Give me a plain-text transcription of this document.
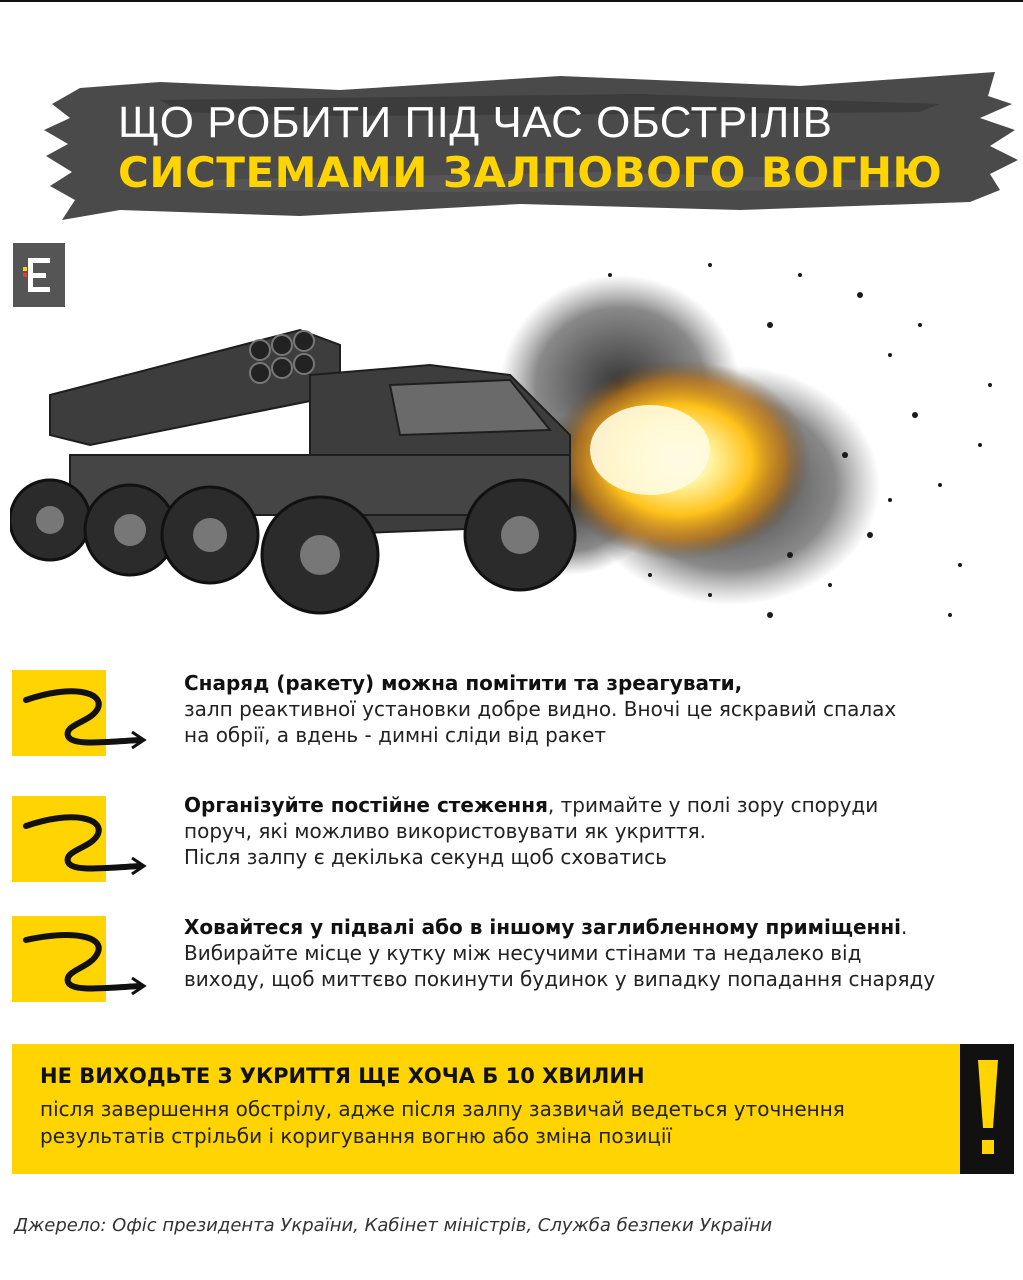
ЩО РОБИТИ ПІД ЧАС ОБСТРІЛІВ
СИСТЕМАМИ ЗАЛПОВОГО ВОГНЮ
Снаряд (ракету) можна помітити та зреагувати,
залп реактивної установки добре видно. Вночі це яскравий спалах
на обрії, а вдень - димні сліди від ракет
Організуйте постійне стеження, тримайте у полі зору споруди
поруч, які можливо використовувати як укриття.
Після залпу є декілька секунд щоб сховатись
Ховайтеся у підвалі або в іншому заглибленному приміщенні.
Вибирайте місце у кутку між несучими стінами та недалеко від
виходу, щоб миттєво покинути будинок у випадку попадання снаряду
НЕ ВИХОДЬТЕ З УКРИТТЯ ЩЕ ХОЧА Б 10 ХВИЛИН
після завершення обстрілу, адже після залпу зазвичай ведеться уточнення
результатів стрільби і коригування вогню або зміна позиції
Джерело: Офіс президента України, Кабінет міністрів, Служба безпеки України
